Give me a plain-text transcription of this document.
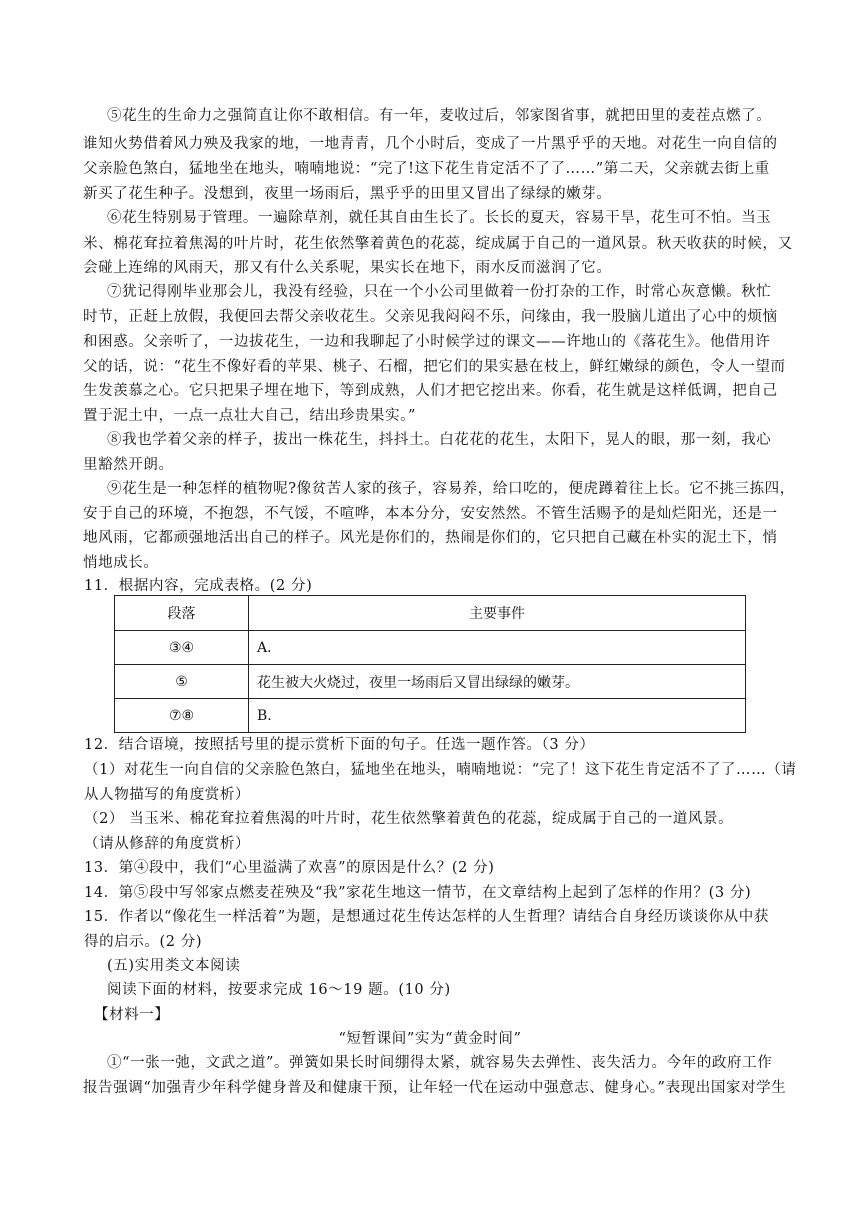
⑤花生的生命力之强简直让你不敢相信。有一年，麦收过后，邻家图省事，就把田里的麦茬点燃了。
谁知火势借着风力殃及我家的地，一地青青，几个小时后，变成了一片黑乎乎的天地。对花生一向自信的
父亲脸色煞白，猛地坐在地头，喃喃地说：“完了!这下花生肯定活不了了……”第二天，父亲就去街上重
新买了花生种子。没想到，夜里一场雨后，黑乎乎的田里又冒出了绿绿的嫩芽。
⑥花生特别易于管理。一遍除草剂，就任其自由生长了。长长的夏天，容易干旱，花生可不怕。当玉
米、棉花耷拉着焦渴的叶片时，花生依然擎着黄色的花蕊，绽成属于自己的一道风景。秋天收获的时候，又
会碰上连绵的风雨天，那又有什么关系呢，果实长在地下，雨水反而滋润了它。
⑦犹记得刚毕业那会儿，我没有经验，只在一个小公司里做着一份打杂的工作，时常心灰意懒。秋忙
时节，正赶上放假，我便回去帮父亲收花生。父亲见我闷闷不乐，问缘由，我一股脑儿道出了心中的烦恼
和困惑。父亲听了，一边拔花生，一边和我聊起了小时候学过的课文——许地山的《落花生》。他借用许
父的话，说：“花生不像好看的苹果、桃子、石榴，把它们的果实悬在枝上，鲜红嫩绿的颜色，令人一望而
生发羡慕之心。它只把果子埋在地下，等到成熟，人们才把它挖出来。你看，花生就是这样低调，把自己
置于泥土中，一点一点壮大自己，结出珍贵果实。”
⑧我也学着父亲的样子，拔出一株花生，抖抖土。白花花的花生，太阳下，晃人的眼，那一刻，我心
里豁然开朗。
⑨花生是一种怎样的植物呢?像贫苦人家的孩子，容易养，给口吃的，便虎蹲着往上长。它不挑三拣四，
安于自己的环境，不抱怨，不气馁，不喧哗，本本分分，安安然然。不管生活赐予的是灿烂阳光，还是一
地风雨，它都顽强地活出自己的样子。风光是你们的，热闹是你们的，它只把自己藏在朴实的泥土下，悄
悄地成长。
11．根据内容，完成表格。(2 分)
段落	主要事件
③④	A.
⑤	花生被大火烧过，夜里一场雨后又冒出绿绿的嫩芽。
⑦⑧	B.
12．结合语境，按照括号里的提示赏析下面的句子。任选一题作答。（3 分）
（1）对花生一向自信的父亲脸色煞白，猛地坐在地头，喃喃地说：“完了！这下花生肯定活不了了……（请
从人物描写的角度赏析）
（2） 当玉米、棉花耷拉着焦渴的叶片时，花生依然擎着黄色的花蕊，绽成属于自己的一道风景。
（请从修辞的角度赏析）
13．第④段中，我们“心里溢满了欢喜”的原因是什么？(2 分)
14．第⑤段中写邻家点燃麦茬殃及“我”家花生地这一情节，在文章结构上起到了怎样的作用？(3 分)
15．作者以“像花生一样活着”为题，是想通过花生传达怎样的人生哲理？请结合自身经历谈谈你从中获
得的启示。(2 分)
(五)实用类文本阅读
阅读下面的材料，按要求完成 16～19 题。(10 分)
【材料一】
“短暂课间”实为“黄金时间”
①“一张一弛，文武之道”。弹簧如果长时间绷得太紧，就容易失去弹性、丧失活力。今年的政府工作
报告强调“加强青少年科学健身普及和健康干预，让年轻一代在运动中强意志、健身心。”表现出国家对学生
